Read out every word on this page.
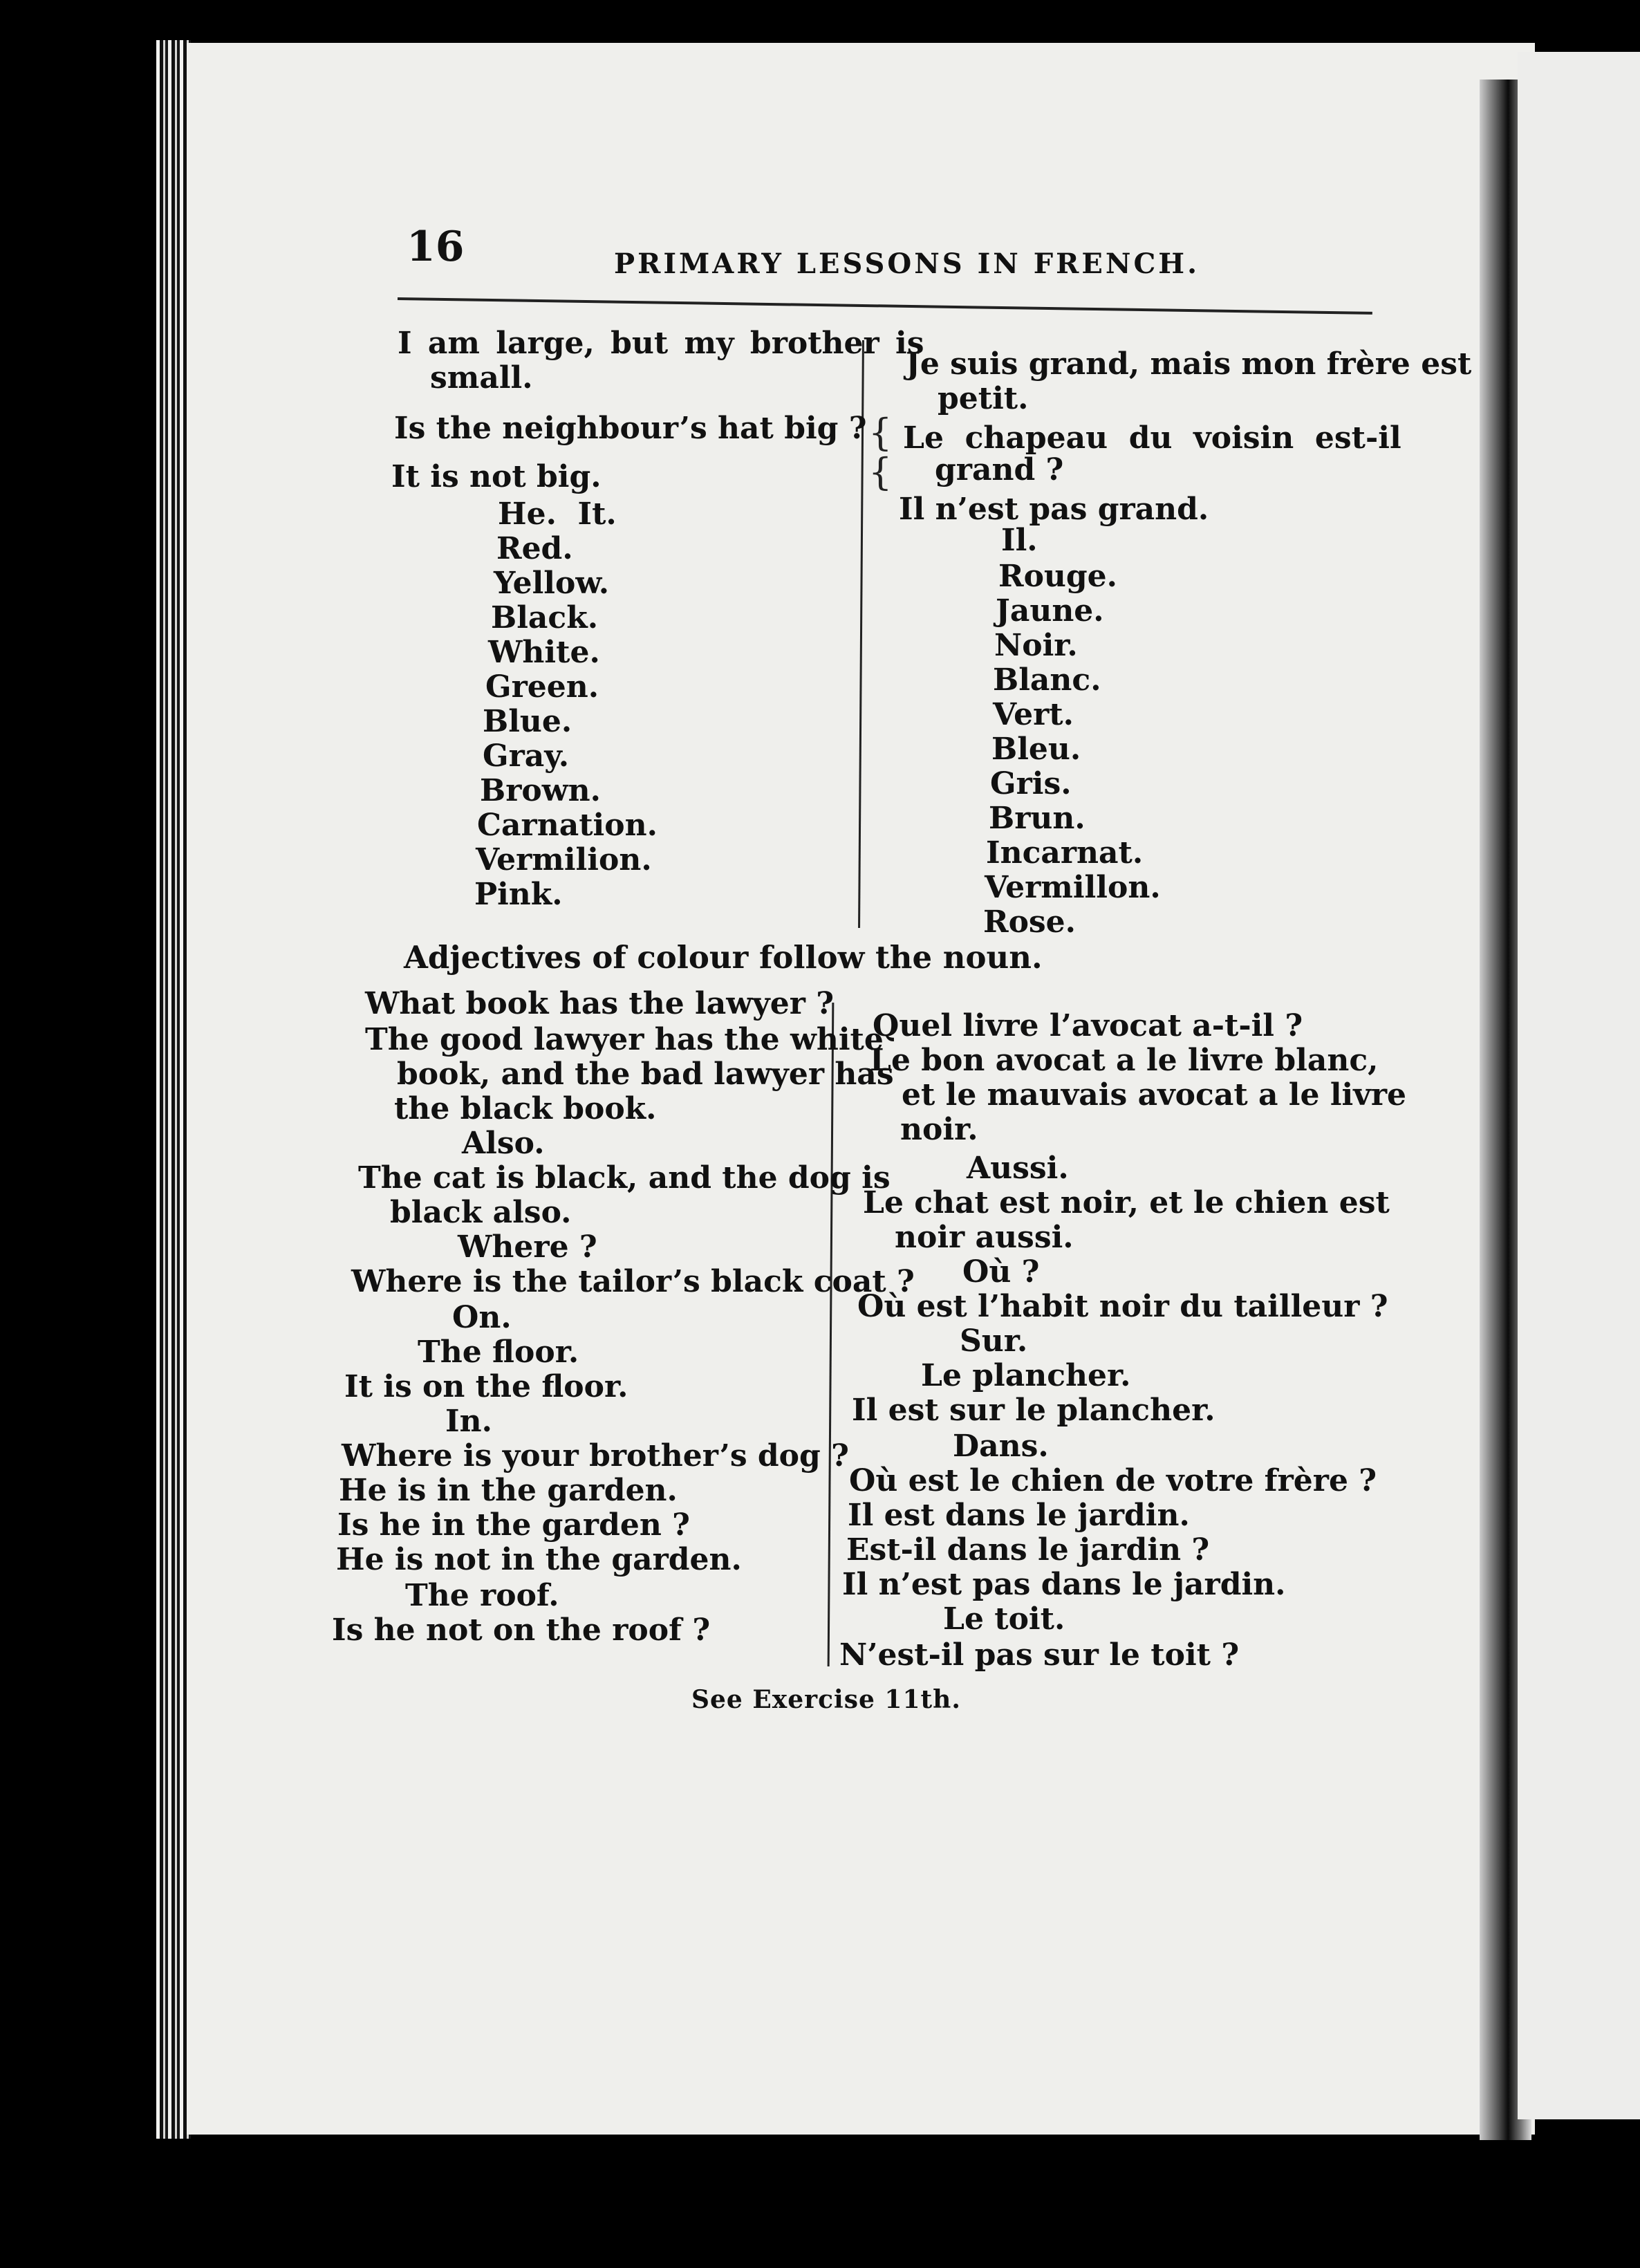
16	PRIMARY LESSONS IN FRENCH.
{
{
I am large, but my brother is
small.
Is the neighbour’s hat big ?
It is not big.
He.  It.
Red.
Yellow.
Black.
White.
Green.
Blue.
Gray.
Brown.
Carnation.
Vermilion.
Pink.
Je suis grand, mais mon frère est
petit.
Le  chapeau  du  voisin  est-il
grand ?
Il n’est pas grand.
Il.
Rouge.
Jaune.
Noir.
Blanc.
Vert.
Bleu.
Gris.
Brun.
Incarnat.
Vermillon.
Rose.
Adjectives of colour follow the noun.
What book has the lawyer ?
The good lawyer has the white
book, and the bad lawyer has
the black book.
Also.
The cat is black, and the dog is
black also.
Where ?
Where is the tailor’s black coat ?
On.
The floor.
It is on the floor.
In.
Where is your brother’s dog ?
He is in the garden.
Is he in the garden ?
He is not in the garden.
The roof.
Is he not on the roof ?
Quel livre l’avocat a-t-il ?
Le bon avocat a le livre blanc,
et le mauvais avocat a le livre
noir.
Aussi.
Le chat est noir, et le chien est
noir aussi.
Où ?
Où est l’habit noir du tailleur ?
Sur.
Le plancher.
Il est sur le plancher.
Dans.
Où est le chien de votre frère ?
Il est dans le jardin.
Est-il dans le jardin ?
Il n’est pas dans le jardin.
Le toit.
N’est-il pas sur le toit ?
See Exercise 11th.
